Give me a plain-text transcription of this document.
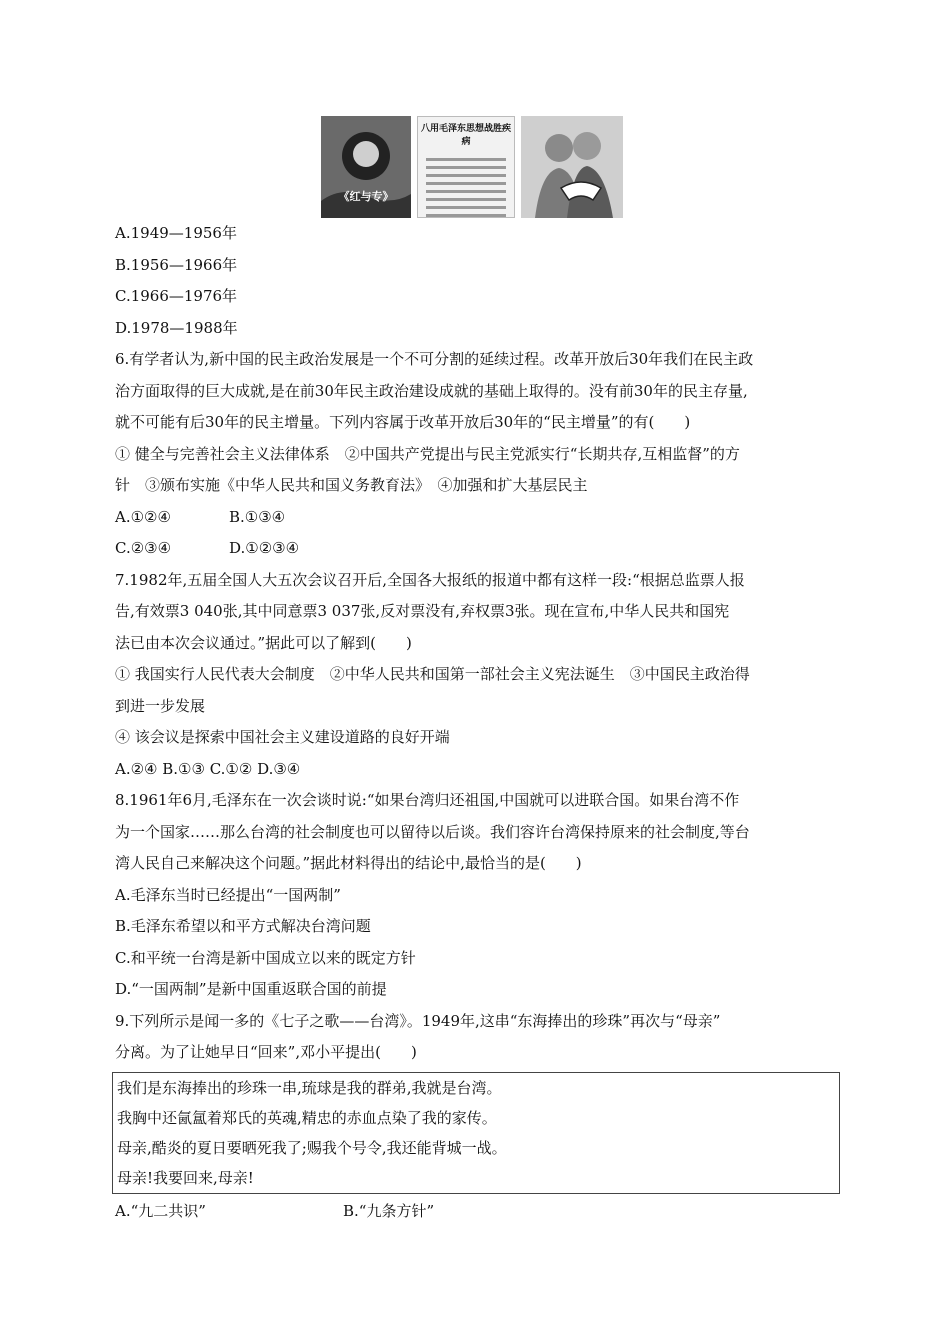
《红与专》
八用毛泽东思想战胜疾病
A.1949—1956年
B.1956—1966年
C.1966—1976年
D.1978—1988年
6.有学者认为,新中国的民主政治发展是一个不可分割的延续过程。改革开放后30年我们在民主政
治方面取得的巨大成就,是在前30年民主政治建设成就的基础上取得的。没有前30年的民主存量,
就不可能有后30年的民主增量。下列内容属于改革开放后30年的“民主增量”的有(　　)
① 健全与完善社会主义法律体系　②中国共产党提出与民主党派实行“长期共存,互相监督”的方
针　③颁布实施《中华人民共和国义务教育法》　④加强和扩大基层民主
A.①②④	B.①③④
C.②③④	D.①②③④
7.1982年,五届全国人大五次会议召开后,全国各大报纸的报道中都有这样一段:“根据总监票人报
告,有效票3 040张,其中同意票3 037张,反对票没有,弃权票3张。现在宣布,中华人民共和国宪
法已由本次会议通过。”据此可以了解到(　　)
① 我国实行人民代表大会制度　②中华人民共和国第一部社会主义宪法诞生　③中国民主政治得
到进一步发展
④ 该会议是探索中国社会主义建设道路的良好开端
A.②④ B.①③ C.①② D.③④
8.1961年6月,毛泽东在一次会谈时说:“如果台湾归还祖国,中国就可以进联合国。如果台湾不作
为一个国家……那么台湾的社会制度也可以留待以后谈。我们容许台湾保持原来的社会制度,等台
湾人民自己来解决这个问题。”据此材料得出的结论中,最恰当的是(　　)
A.毛泽东当时已经提出“一国两制”
B.毛泽东希望以和平方式解决台湾问题
C.和平统一台湾是新中国成立以来的既定方针
D.“一国两制”是新中国重返联合国的前提
9.下列所示是闻一多的《七子之歌——台湾》。1949年,这串“东海捧出的珍珠”再次与“母亲”
分离。为了让她早日“回来”,邓小平提出(　　)
我们是东海捧出的珍珠一串,琉球是我的群弟,我就是台湾。
我胸中还氤氲着郑氏的英魂,精忠的赤血点染了我的家传。
母亲,酷炎的夏日要晒死我了;赐我个号令,我还能背城一战。
母亲!我要回来,母亲!
A.“九二共识”	B.“九条方针”
